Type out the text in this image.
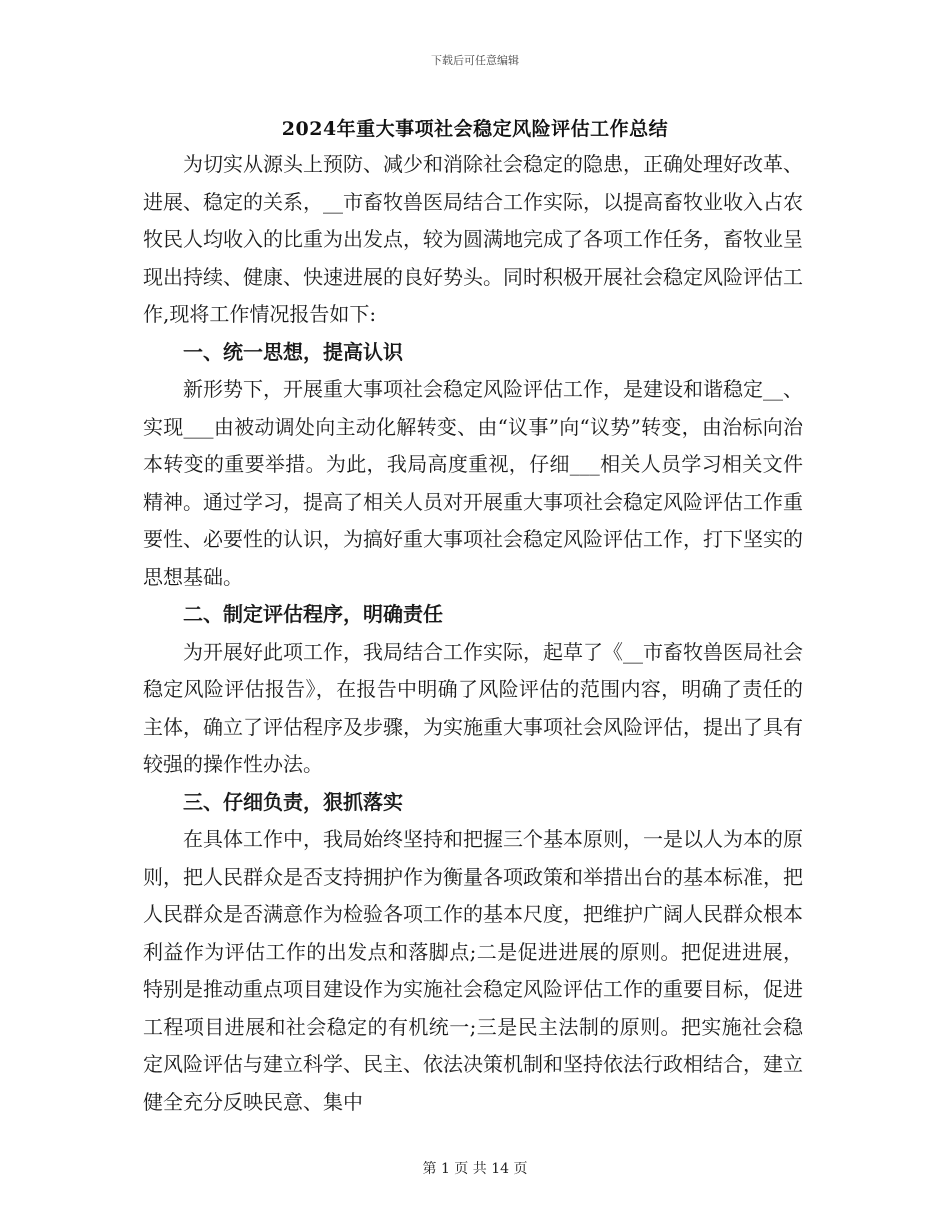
下载后可任意编辑
2024年重大事项社会稳定风险评估工作总结

为切实从源头上预防、减少和消除社会稳定的隐患，正确处理好改革、进展、稳定的关系，__市畜牧兽医局结合工作实际，以提高畜牧业收入占农牧民人均收入的比重为出发点，较为圆满地完成了各项工作任务，畜牧业呈现出持续、健康、快速进展的良好势头。同时积极开展社会稳定风险评估工作,现将工作情况报告如下:

一、统一思想，提高认识

新形势下，开展重大事项社会稳定风险评估工作，是建设和谐稳定__、实现___由被动调处向主动化解转变、由“议事”向“议势”转变，由治标向治本转变的重要举措。为此，我局高度重视，仔细___相关人员学习相关文件精神。通过学习，提高了相关人员对开展重大事项社会稳定风险评估工作重要性、必要性的认识，为搞好重大事项社会稳定风险评估工作，打下坚实的思想基础。

二、制定评估程序，明确责任

为开展好此项工作，我局结合工作实际，起草了《__市畜牧兽医局社会稳定风险评估报告》，在报告中明确了风险评估的范围内容，明确了责任的主体，确立了评估程序及步骤，为实施重大事项社会风险评估，提出了具有较强的操作性办法。

三、仔细负责，狠抓落实

在具体工作中，我局始终坚持和把握三个基本原则，一是以人为本的原则，把人民群众是否支持拥护作为衡量各项政策和举措出台的基本标准，把人民群众是否满意作为检验各项工作的基本尺度，把维护广阔人民群众根本利益作为评估工作的出发点和落脚点;二是促进进展的原则。把促进进展，特别是推动重点项目建设作为实施社会稳定风险评估工作的重要目标，促进工程项目进展和社会稳定的有机统一;三是民主法制的原则。把实施社会稳定风险评估与建立科学、民主、依法决策机制和坚持依法行政相结合，建立健全充分反映民意、集中

第 1 页 共 14 页
